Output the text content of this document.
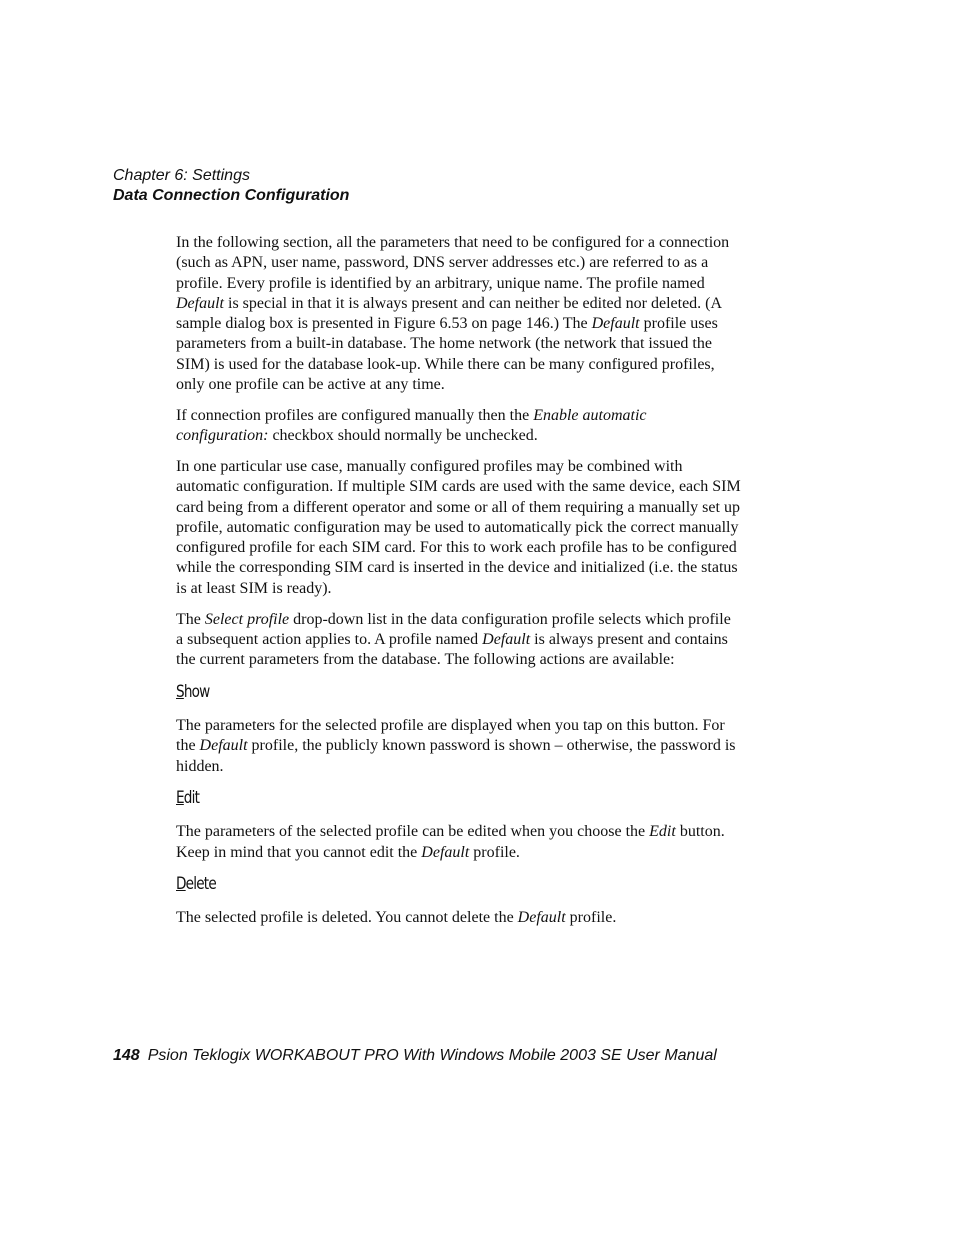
Chapter 6: Settings
Data Connection Configuration

In the following section, all the parameters that need to be configured for a connection (such as APN, user name, password, DNS server addresses etc.) are referred to as a profile. Every profile is identified by an arbitrary, unique name. The profile named Default is special in that it is always present and can neither be edited nor deleted. (A sample dialog box is presented in Figure 6.53 on page 146.) The Default profile uses parameters from a built-in database. The home network (the network that issued the SIM) is used for the database look-up. While there can be many configured profiles, only one profile can be active at any time.

If connection profiles are configured manually then the Enable automatic configuration: checkbox should normally be unchecked.

In one particular use case, manually configured profiles may be combined with automatic configuration. If multiple SIM cards are used with the same device, each SIM card being from a different operator and some or all of them requiring a manually set up profile, automatic configuration may be used to automatically pick the correct manually configured profile for each SIM card. For this to work each profile has to be configured while the corresponding SIM card is inserted in the device and initialized (i.e. the status is at least SIM is ready).

The Select profile drop-down list in the data configuration profile selects which profile a subsequent action applies to. A profile named Default is always present and contains the current parameters from the database. The following actions are available:

Show

The parameters for the selected profile are displayed when you tap on this button. For the Default profile, the publicly known password is shown – otherwise, the password is hidden.

Edit

The parameters of the selected profile can be edited when you choose the Edit button. Keep in mind that you cannot edit the Default profile.

Delete

The selected profile is deleted. You cannot delete the Default profile.

148 Psion Teklogix WORKABOUT PRO With Windows Mobile 2003 SE User Manual
